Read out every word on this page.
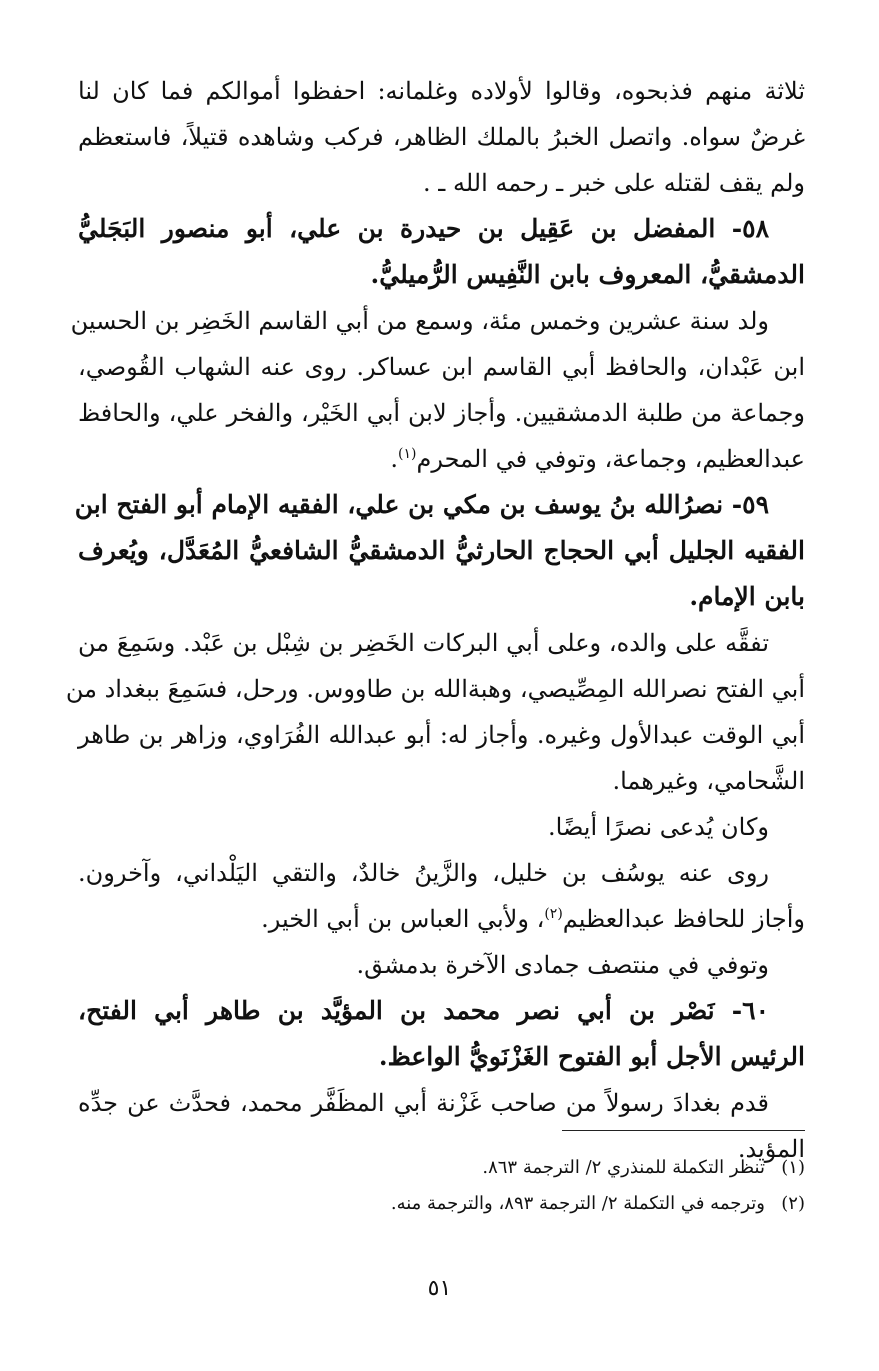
ثلاثة منهم فذبحوه، وقالوا لأولاده وغلمانه: احفظوا أموالكم فما كان لنا
غرضٌ سواه. واتصل الخبرُ بالملك الظاهر، فركب وشاهده قتيلاً، فاستعظم
ولم يقف لقتله على خبر ـ رحمه الله ـ .
٥٨- المفضل بن عَقِيل بن حيدرة بن علي، أبو منصور البَجَليُّ
الدمشقيُّ، المعروف بابن النَّفِيس الرُّميليُّ.
ولد سنة عشرين وخمس مئة، وسمع من أبي القاسم الخَضِر بن الحسين
ابن عَبْدان، والحافظ أبي القاسم ابن عساكر. روى عنه الشهاب القُوصي،
وجماعة من طلبة الدمشقيين. وأجاز لابن أبي الخَيْر، والفخر علي، والحافظ
عبدالعظيم، وجماعة، وتوفي في المحرم$^{(١)}$.
٥٩- نصرُالله بنُ يوسف بن مكي بن علي، الفقيه الإمام أبو الفتح ابن
الفقيه الجليل أبي الحجاج الحارثيُّ الدمشقيُّ الشافعيُّ المُعَدَّل، ويُعرف
بابن الإمام.
تفقَّه على والده، وعلى أبي البركات الخَضِر بن شِبْل بن عَبْد. وسَمِعَ من
أبي الفتح نصرالله المِصِّيصي، وهبةالله بن طاووس. ورحل، فسَمِعَ ببغداد من
أبي الوقت عبدالأول وغيره. وأجاز له: أبو عبدالله الفُرَاوي، وزاهر بن طاهر
الشَّحامي، وغيرهما.
وكان يُدعى نصرًا أيضًا.
روى عنه يوسُف بن خليل، والزَّينُ خالدٌ، والتقي اليَلْداني، وآخرون.
وأجاز للحافظ عبدالعظيم$^{(٢)}$، ولأبي العباس بن أبي الخير.
وتوفي في منتصف جمادى الآخرة بدمشق.
٦٠- نَصْر بن أبي نصر محمد بن المؤيَّد بن طاهر أبي الفتح،
الرئيس الأجل أبو الفتوح الغَزْنَويُّ الواعظ.
قدم بغدادَ رسولاً من صاحب غَزْنة أبي المظَفَّر محمد، فحدَّث عن جدِّه
المؤيد.
(١)تنظر التكملة للمنذري ٢/ الترجمة ٨٦٣.
(٢)وترجمه في التكملة ٢/ الترجمة ٨٩٣، والترجمة منه.
٥١
